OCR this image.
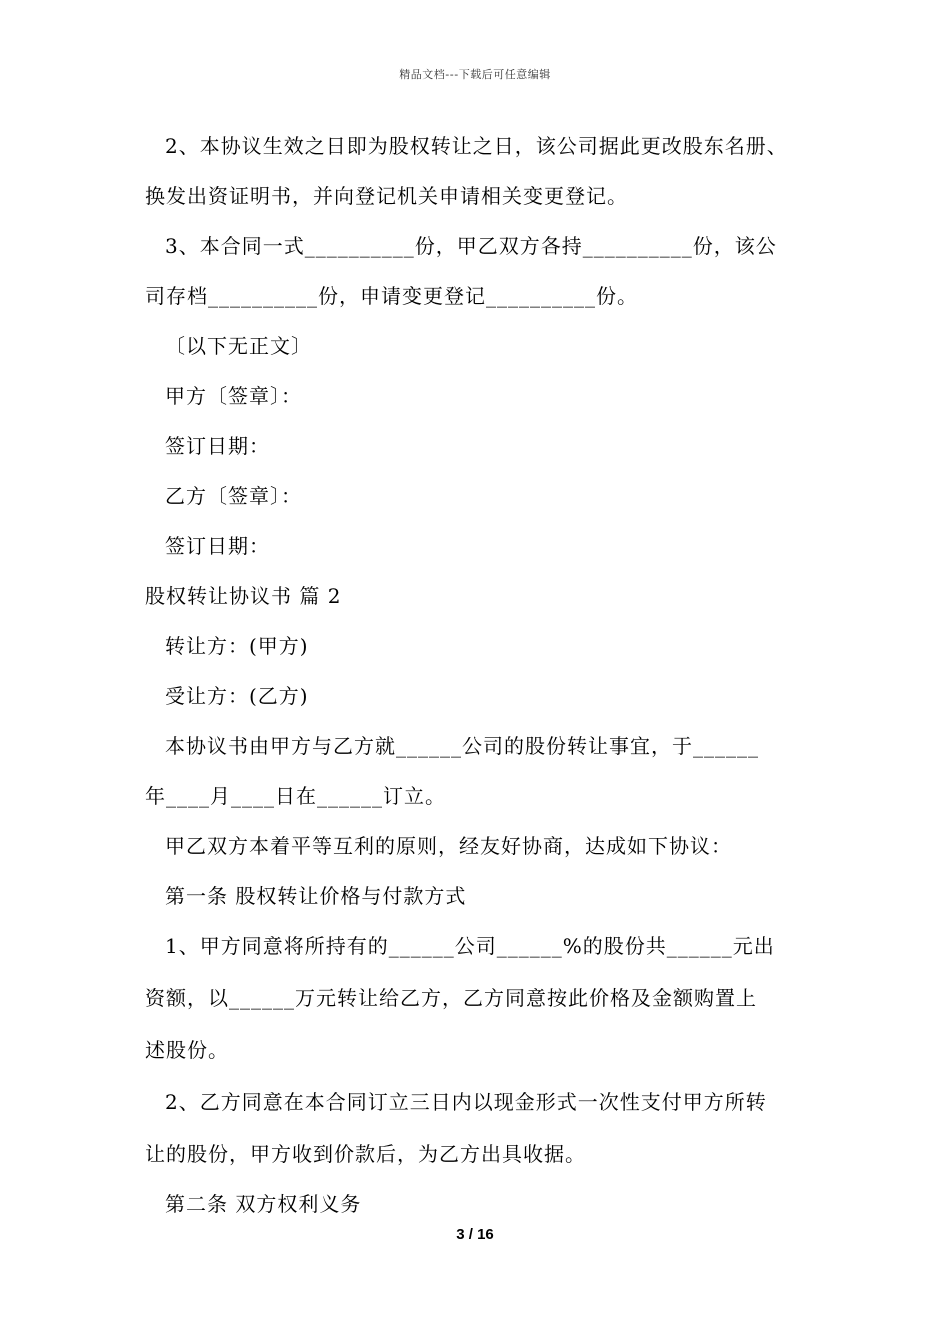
精品文档---下载后可任意编辑
2、本协议生效之日即为股权转让之日，该公司据此更改股东名册、
换发出资证明书，并向登记机关申请相关变更登记。
3、本合同一式__________份，甲乙双方各持__________份，该公
司存档__________份，申请变更登记__________份。
〔以下无正文〕
甲方〔签章〕：
签订日期：
乙方〔签章〕：
签订日期：
股权转让协议书 篇 2
转让方：(甲方)
受让方：(乙方)
本协议书由甲方与乙方就______公司的股份转让事宜，于______
年____月____日在______订立。
甲乙双方本着平等互利的原则，经友好协商，达成如下协议：
第一条 股权转让价格与付款方式
1、甲方同意将所持有的______公司______%的股份共______元出
资额，以______万元转让给乙方，乙方同意按此价格及金额购置上
述股份。
2、乙方同意在本合同订立三日内以现金形式一次性支付甲方所转
让的股份，甲方收到价款后，为乙方出具收据。
第二条 双方权利义务
3 / 16
